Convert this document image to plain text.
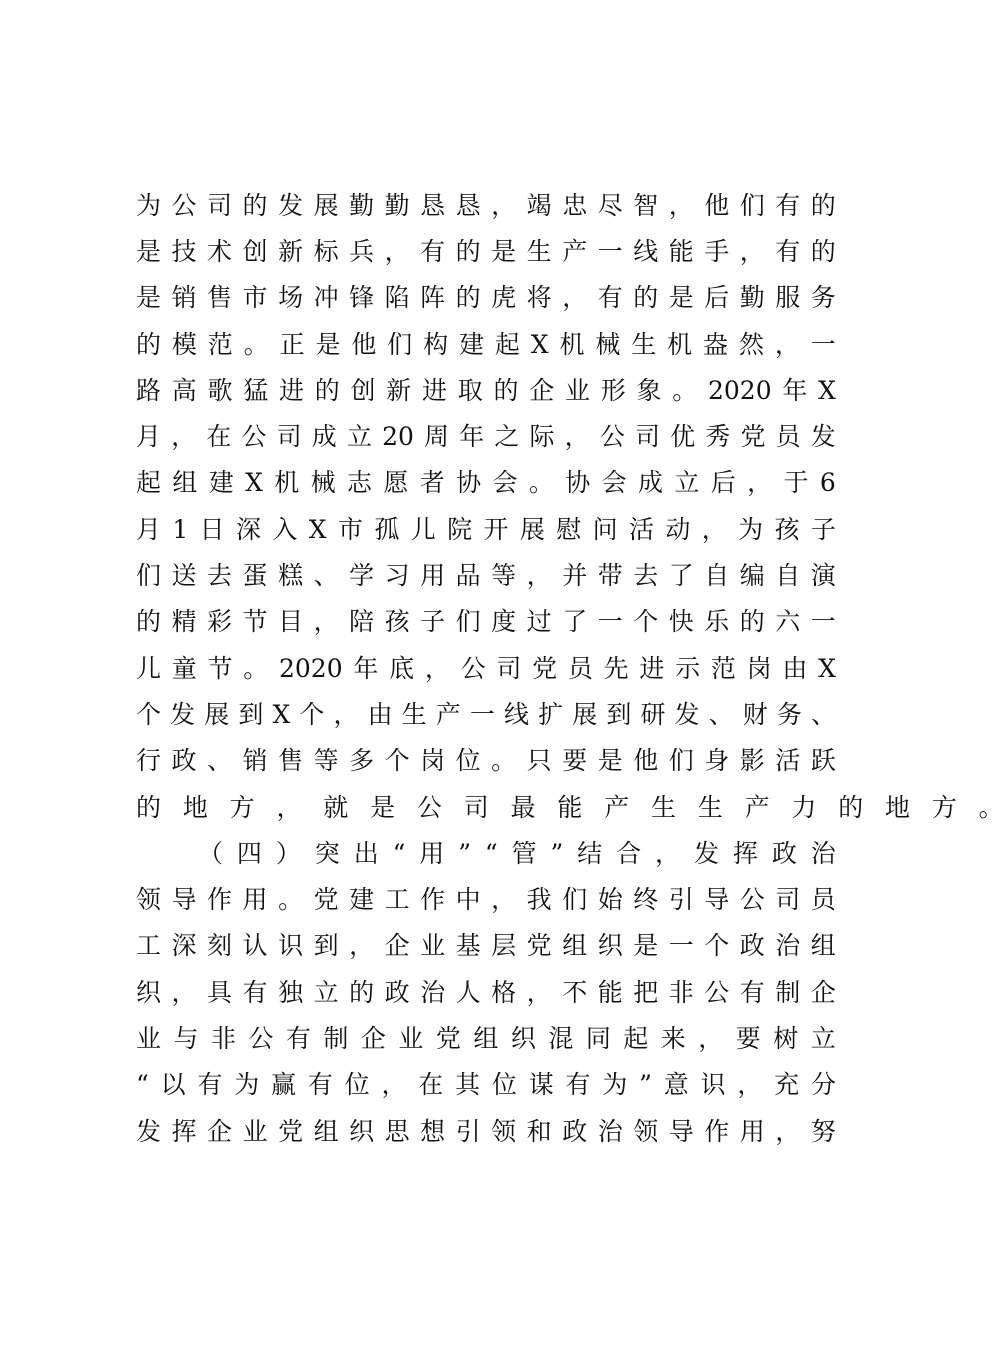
为 公 司 的 发 展 勤 勤 恳 恳 ， 竭 忠 尽 智 ， 他 们 有 的
是 技 术 创 新 标 兵 ， 有 的 是 生 产 一 线 能 手 ， 有 的
是 销 售 市 场 冲 锋 陷 阵 的 虎 将 ， 有 的 是 后 勤 服 务
的 模 范 。 正 是 他 们 构 建 起 X 机 械 生 机 盎 然 ， 一
路 高 歌 猛 进 的 创 新 进 取 的 企 业 形 象 。 2020 年 X
月 ， 在 公 司 成 立 20 周 年 之 际 ， 公 司 优 秀 党 员 发
起 组 建 X 机 械 志 愿 者 协 会 。 协 会 成 立 后 ， 于 6
月 1 日 深 入 X 市 孤 儿 院 开 展 慰 问 活 动 ， 为 孩 子
们 送 去 蛋 糕 、 学 习 用 品 等 ， 并 带 去 了 自 编 自 演
的 精 彩 节 目 ， 陪 孩 子 们 度 过 了 一 个 快 乐 的 六 一
儿 童 节 。 2020 年 底 ， 公 司 党 员 先 进 示 范 岗 由 X
个 发 展 到 X 个 ， 由 生 产 一 线 扩 展 到 研 发 、 财 务 、
行 政 、 销 售 等 多 个 岗 位 。 只 要 是 他 们 身 影 活 跃
的 地 方 ， 就 是 公 司 最 能 产 生 生 产 力 的 地 方 。
（ 四 ） 突 出 “ 用 ” “ 管 ” 结 合 ， 发 挥 政 治
领 导 作 用 。 党 建 工 作 中 ， 我 们 始 终 引 导 公 司 员
工 深 刻 认 识 到 ， 企 业 基 层 党 组 织 是 一 个 政 治 组
织 ， 具 有 独 立 的 政 治 人 格 ， 不 能 把 非 公 有 制 企
业 与 非 公 有 制 企 业 党 组 织 混 同 起 来 ， 要 树 立
“ 以 有 为 赢 有 位 ， 在 其 位 谋 有 为 ” 意 识 ， 充 分
发 挥 企 业 党 组 织 思 想 引 领 和 政 治 领 导 作 用 ， 努
